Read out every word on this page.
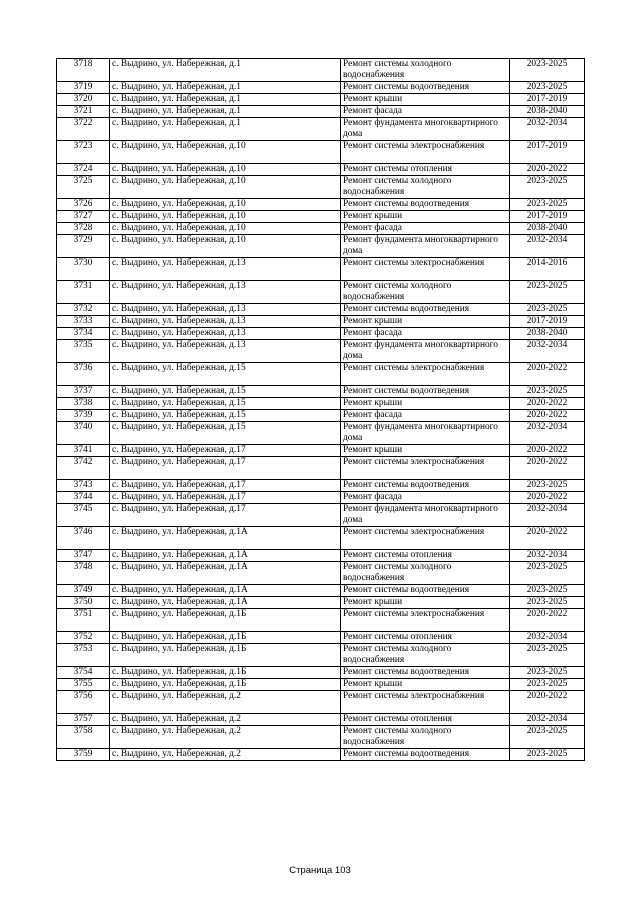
3718	с. Выдрино, ул. Набережная, д.1	Ремонт системы холодного водоснабжения	2023-2025
3719	с. Выдрино, ул. Набережная, д.1	Ремонт системы водоотведения	2023-2025
3720	с. Выдрино, ул. Набережная, д.1	Ремонт крыши	2017-2019
3721	с. Выдрино, ул. Набережная, д.1	Ремонт фасада	2038-2040
3722	с. Выдрино, ул. Набережная, д.1	Ремонт фундамента многоквартирного дома	2032-2034
3723	с. Выдрино, ул. Набережная, д.10	Ремонт системы электроснабжения	2017-2019
3724	с. Выдрино, ул. Набережная, д.10	Ремонт системы отопления	2020-2022
3725	с. Выдрино, ул. Набережная, д.10	Ремонт системы холодного водоснабжения	2023-2025
3726	с. Выдрино, ул. Набережная, д.10	Ремонт системы водоотведения	2023-2025
3727	с. Выдрино, ул. Набережная, д.10	Ремонт крыши	2017-2019
3728	с. Выдрино, ул. Набережная, д.10	Ремонт фасада	2038-2040
3729	с. Выдрино, ул. Набережная, д.10	Ремонт фундамента многоквартирного дома	2032-2034
3730	с. Выдрино, ул. Набережная, д.13	Ремонт системы электроснабжения	2014-2016
3731	с. Выдрино, ул. Набережная, д.13	Ремонт системы холодного водоснабжения	2023-2025
3732	с. Выдрино, ул. Набережная, д.13	Ремонт системы водоотведения	2023-2025
3733	с. Выдрино, ул. Набережная, д.13	Ремонт крыши	2017-2019
3734	с. Выдрино, ул. Набережная, д.13	Ремонт фасада	2038-2040
3735	с. Выдрино, ул. Набережная, д.13	Ремонт фундамента многоквартирного дома	2032-2034
3736	с. Выдрино, ул. Набережная, д.15	Ремонт системы электроснабжения	2020-2022
3737	с. Выдрино, ул. Набережная, д.15	Ремонт системы водоотведения	2023-2025
3738	с. Выдрино, ул. Набережная, д.15	Ремонт крыши	2020-2022
3739	с. Выдрино, ул. Набережная, д.15	Ремонт фасада	2020-2022
3740	с. Выдрино, ул. Набережная, д.15	Ремонт фундамента многоквартирного дома	2032-2034
3741	с. Выдрино, ул. Набережная, д.17	Ремонт крыши	2020-2022
3742	с. Выдрино, ул. Набережная, д.17	Ремонт системы электроснабжения	2020-2022
3743	с. Выдрино, ул. Набережная, д.17	Ремонт системы водоотведения	2023-2025
3744	с. Выдрино, ул. Набережная, д.17	Ремонт фасада	2020-2022
3745	с. Выдрино, ул. Набережная, д.17	Ремонт фундамента многоквартирного дома	2032-2034
3746	с. Выдрино, ул. Набережная, д.1А	Ремонт системы электроснабжения	2020-2022
3747	с. Выдрино, ул. Набережная, д.1А	Ремонт системы отопления	2032-2034
3748	с. Выдрино, ул. Набережная, д.1А	Ремонт системы холодного водоснабжения	2023-2025
3749	с. Выдрино, ул. Набережная, д.1А	Ремонт системы водоотведения	2023-2025
3750	с. Выдрино, ул. Набережная, д.1А	Ремонт крыши	2023-2025
3751	с. Выдрино, ул. Набережная, д.1Б	Ремонт системы электроснабжения	2020-2022
3752	с. Выдрино, ул. Набережная, д.1Б	Ремонт системы отопления	2032-2034
3753	с. Выдрино, ул. Набережная, д.1Б	Ремонт системы холодного водоснабжения	2023-2025
3754	с. Выдрино, ул. Набережная, д.1Б	Ремонт системы водоотведения	2023-2025
3755	с. Выдрино, ул. Набережная, д.1Б	Ремонт крыши	2023-2025
3756	с. Выдрино, ул. Набережная, д.2	Ремонт системы электроснабжения	2020-2022
3757	с. Выдрино, ул. Набережная, д.2	Ремонт системы отопления	2032-2034
3758	с. Выдрино, ул. Набережная, д.2	Ремонт системы холодного водоснабжения	2023-2025
3759	с. Выдрино, ул. Набережная, д.2	Ремонт системы водоотведения	2023-2025
Страница 103
